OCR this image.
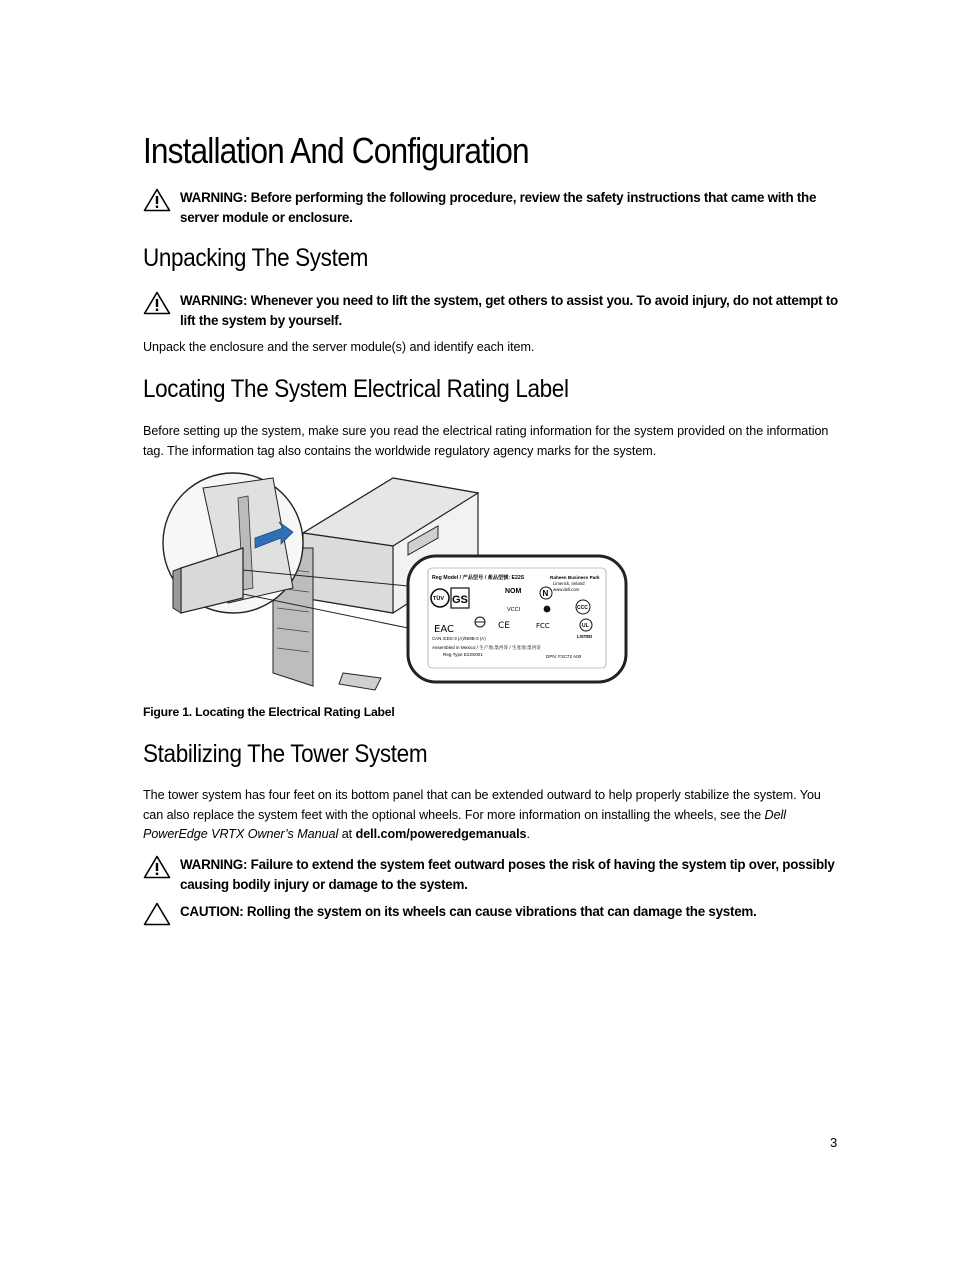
Installation And Configuration
WARNING: Before performing the following procedure, review the safety instructions that came with the server module or enclosure.
Unpacking The System
WARNING: Whenever you need to lift the system, get others to assist you. To avoid injury, do not attempt to lift the system by yourself.
Unpack the enclosure and the server module(s) and identify each item.
Locating The System Electrical Rating Label
Before setting up the system, make sure you read the electrical rating information for the system provided on the information tag. The information tag also contains the worldwide regulatory agency marks for the system.
Reg Model / 产品型号 / 產品型號: E22S	Raheen Business Park
Limerick, Ireland
www.dell.com
TÜV GS
NOM	N
VCCI	CCC
EAC	CE	FCC	UL
LISTED
CAN ICES-3 (A)/NMB-3 (A)
Assembled in Mexico / 生产地:墨西哥 / 生產地:墨西哥
Reg Type E22S001	DPN: F3C72 A00
Figure 1. Locating the Electrical Rating Label
Stabilizing The Tower System
The tower system has four feet on its bottom panel that can be extended outward to help properly stabilize the system. You can also replace the system feet with the optional wheels. For more information on installing the wheels, see the Dell PowerEdge VRTX Owner’s Manual at dell.com/poweredgemanuals.
WARNING: Failure to extend the system feet outward poses the risk of having the system tip over, possibly causing bodily injury or damage to the system.
CAUTION: Rolling the system on its wheels can cause vibrations that can damage the system.
3
